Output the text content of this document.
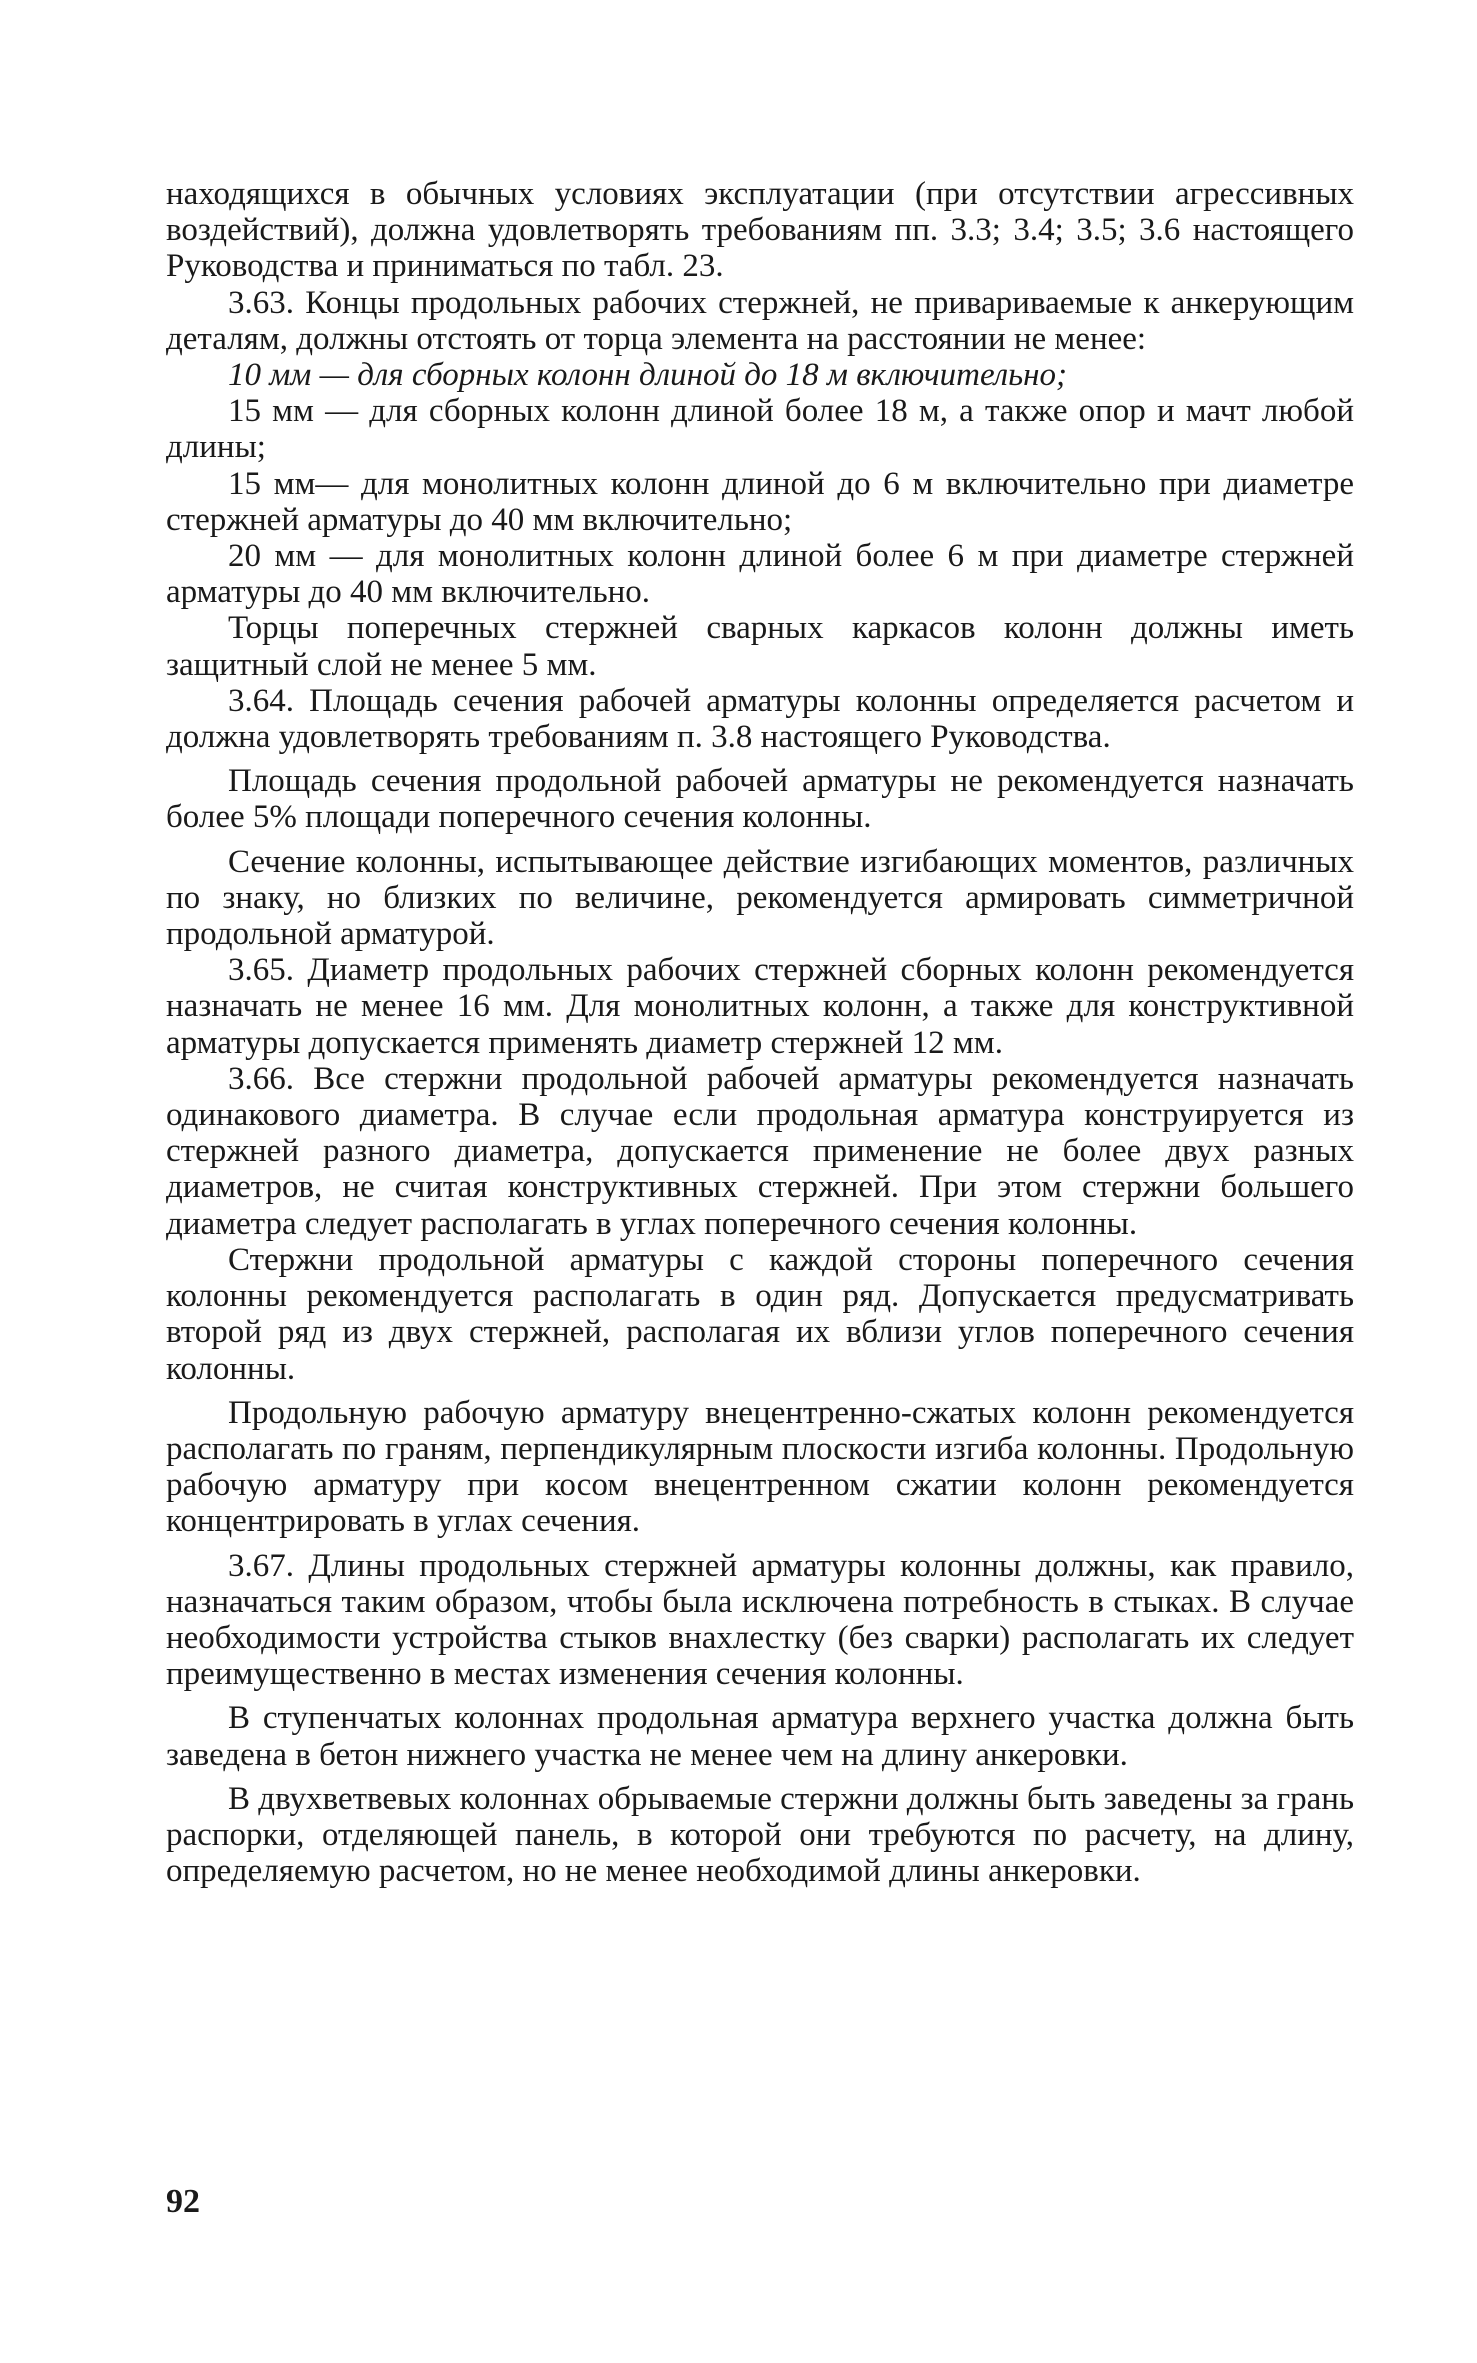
находящихся в обычных условиях эксплуатации (при отсутствии агрессивных воздействий), должна удовлетворять требованиям пп. 3.3; 3.4; 3.5; 3.6 настоящего Руководства и приниматься по табл. 23.

3.63. Концы продольных рабочих стержней, не привариваемые к анкерующим деталям, должны отстоять от торца элемента на расстоянии не менее:

10 мм — для сборных колонн длиной до 18 м включительно;

15 мм — для сборных колонн длиной более 18 м, а также опор и мачт любой длины;

15 мм— для монолитных колонн длиной до 6 м включительно при диаметре стержней арматуры до 40 мм включительно;

20 мм — для монолитных колонн длиной более 6 м при диаметре стержней арматуры до 40 мм включительно.

Торцы поперечных стержней сварных каркасов колонн должны иметь защитный слой не менее 5 мм.

3.64. Площадь сечения рабочей арматуры колонны определяется расчетом и должна удовлетворять требованиям п. 3.8 настоящего Руководства.

Площадь сечения продольной рабочей арматуры не рекомендуется назначать более 5% площади поперечного сечения колонны.

Сечение колонны, испытывающее действие изгибающих моментов, различных по знаку, но близких по величине, рекомендуется армировать симметричной продольной арматурой.

3.65. Диаметр продольных рабочих стержней сборных колонн рекомендуется назначать не менее 16 мм. Для монолитных колонн, а также для конструктивной арматуры допускается применять диаметр стержней 12 мм.

3.66. Все стержни продольной рабочей арматуры рекомендуется назначать одинакового диаметра. В случае если продольная арматура конструируется из стержней разного диаметра, допускается применение не более двух разных диаметров, не считая конструктивных стержней. При этом стержни большего диаметра следует располагать в углах поперечного сечения колонны.

Стержни продольной арматуры с каждой стороны поперечного сечения колонны рекомендуется располагать в один ряд. Допускается предусматривать второй ряд из двух стержней, располагая их вблизи углов поперечного сечения колонны.

Продольную рабочую арматуру внецентренно-сжатых колонн рекомендуется располагать по граням, перпендикулярным плоскости изгиба колонны. Продольную рабочую арматуру при косом внецентренном сжатии колонн рекомендуется концентрировать в углах сечения.

3.67. Длины продольных стержней арматуры колонны должны, как правило, назначаться таким образом, чтобы была исключена потребность в стыках. В случае необходимости устройства стыков внахлестку (без сварки) располагать их следует преимущественно в местах изменения сечения колонны.

В ступенчатых колоннах продольная арматура верхнего участка должна быть заведена в бетон нижнего участка не менее чем на длину анкеровки.

В двухветвевых колоннах обрываемые стержни должны быть заведены за грань распорки, отделяющей панель, в которой они требуются по расчету, на длину, определяемую расчетом, но не менее необходимой длины анкеровки.

92
